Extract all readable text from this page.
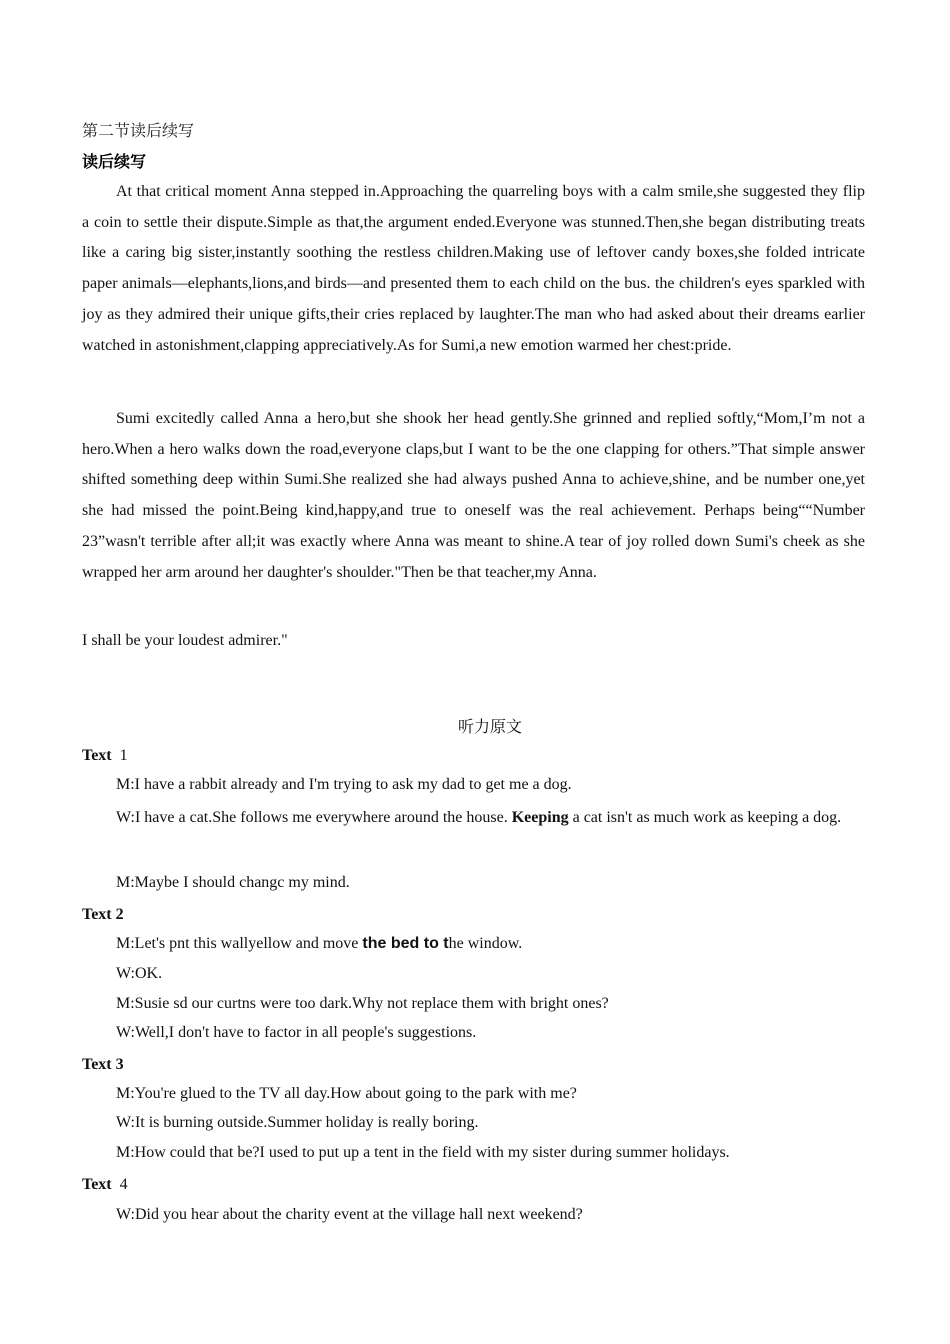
第二节读后续写
读后续写
At that critical moment Anna stepped in.Approaching the quarreling boys with a calm smile,she suggested they flip a coin to settle their dispute.Simple as that,the argument ended.Everyone was stunned.Then,she began distributing treats like a caring big sister,instantly soothing the restless children.Making use of leftover candy boxes,she folded intricate paper animals—elephants,lions,and birds—and presented them to each child on the bus. the children's eyes sparkled with joy as they admired their unique gifts,their cries replaced by laughter.The man who had asked about their dreams earlier watched in astonishment,clapping appreciatively.As for Sumi,a new emotion warmed her chest:pride.
Sumi excitedly called Anna a hero,but she shook her head gently.She grinned and replied softly,“Mom,I’m not a hero.When a hero walks down the road,everyone claps,but I want to be the one clapping for others.”That simple answer shifted something deep within Sumi.She realized she had always pushed Anna to achieve,shine, and be number one,yet she had missed the point.Being kind,happy,and true to oneself was the real achievement. Perhaps being““Number 23”wasn't terrible after all;it was exactly where Anna was meant to shine.A tear of joy rolled down Sumi's cheek as she wrapped her arm around her daughter's shoulder."Then be that teacher,my Anna.
I shall be your loudest admirer."
听力原文
Text 1
M:I have a rabbit already and I'm trying to ask my dad to get me a dog.
W:I have a cat.She follows me everywhere around the house. Keeping a cat isn't as much work as keeping a dog.
M:Maybe I should changc my mind.
Text 2
M:Let's pnt this wallyellow and move the bed to the window.
W:OK.
M:Susie sd our curtns were too dark.Why not replace them with bright ones?
W:Well,I don't have to factor in all people's suggestions.
Text 3
M:You're glued to the TV all day.How about going to the park with me?
W:It is burning outside.Summer holiday is really boring.
M:How could that be?I used to put up a tent in the field with my sister during summer holidays.
Text 4
W:Did you hear about the charity event at the village hall next weekend?
